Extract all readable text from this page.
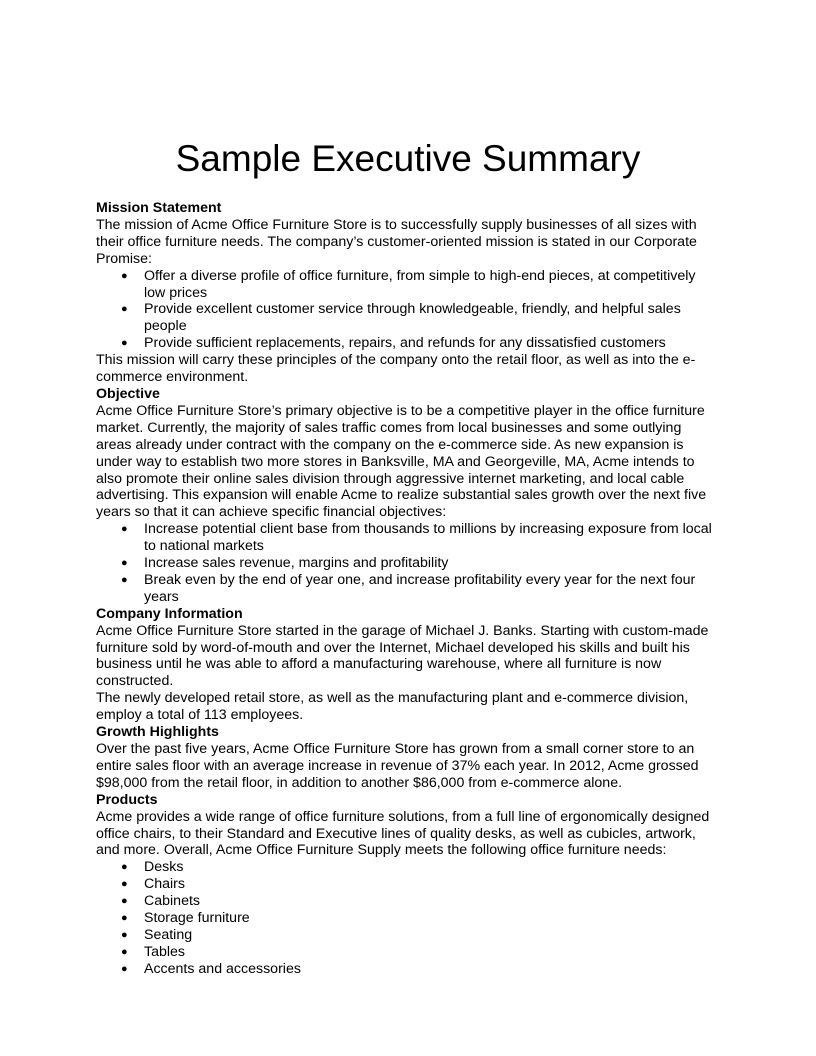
Sample Executive Summary

Mission Statement

The mission of Acme Office Furniture Store is to successfully supply businesses of all sizes with their office furniture needs. The company’s customer-oriented mission is stated in our Corporate Promise:

● Offer a diverse profile of office furniture, from simple to high-end pieces, at competitively low prices
● Provide excellent customer service through knowledgeable, friendly, and helpful sales people
● Provide sufficient replacements, repairs, and refunds for any dissatisfied customers

This mission will carry these principles of the company onto the retail floor, as well as into the e-commerce environment.

Objective

Acme Office Furniture Store’s primary objective is to be a competitive player in the office furniture market. Currently, the majority of sales traffic comes from local businesses and some outlying areas already under contract with the company on the e-commerce side. As new expansion is under way to establish two more stores in Banksville, MA and Georgeville, MA, Acme intends to also promote their online sales division through aggressive internet marketing, and local cable advertising. This expansion will enable Acme to realize substantial sales growth over the next five years so that it can achieve specific financial objectives:

● Increase potential client base from thousands to millions by increasing exposure from local to national markets
● Increase sales revenue, margins and profitability
● Break even by the end of year one, and increase profitability every year for the next four years

Company Information

Acme Office Furniture Store started in the garage of Michael J. Banks. Starting with custom-made furniture sold by word-of-mouth and over the Internet, Michael developed his skills and built his business until he was able to afford a manufacturing warehouse, where all furniture is now constructed.

The newly developed retail store, as well as the manufacturing plant and e-commerce division, employ a total of 113 employees.

Growth Highlights

Over the past five years, Acme Office Furniture Store has grown from a small corner store to an entire sales floor with an average increase in revenue of 37% each year. In 2012, Acme grossed $98,000 from the retail floor, in addition to another $86,000 from e-commerce alone.

Products

Acme provides a wide range of office furniture solutions, from a full line of ergonomically designed office chairs, to their Standard and Executive lines of quality desks, as well as cubicles, artwork, and more. Overall, Acme Office Furniture Supply meets the following office furniture needs:

● Desks
● Chairs
● Cabinets
● Storage furniture
● Seating
● Tables
● Accents and accessories
